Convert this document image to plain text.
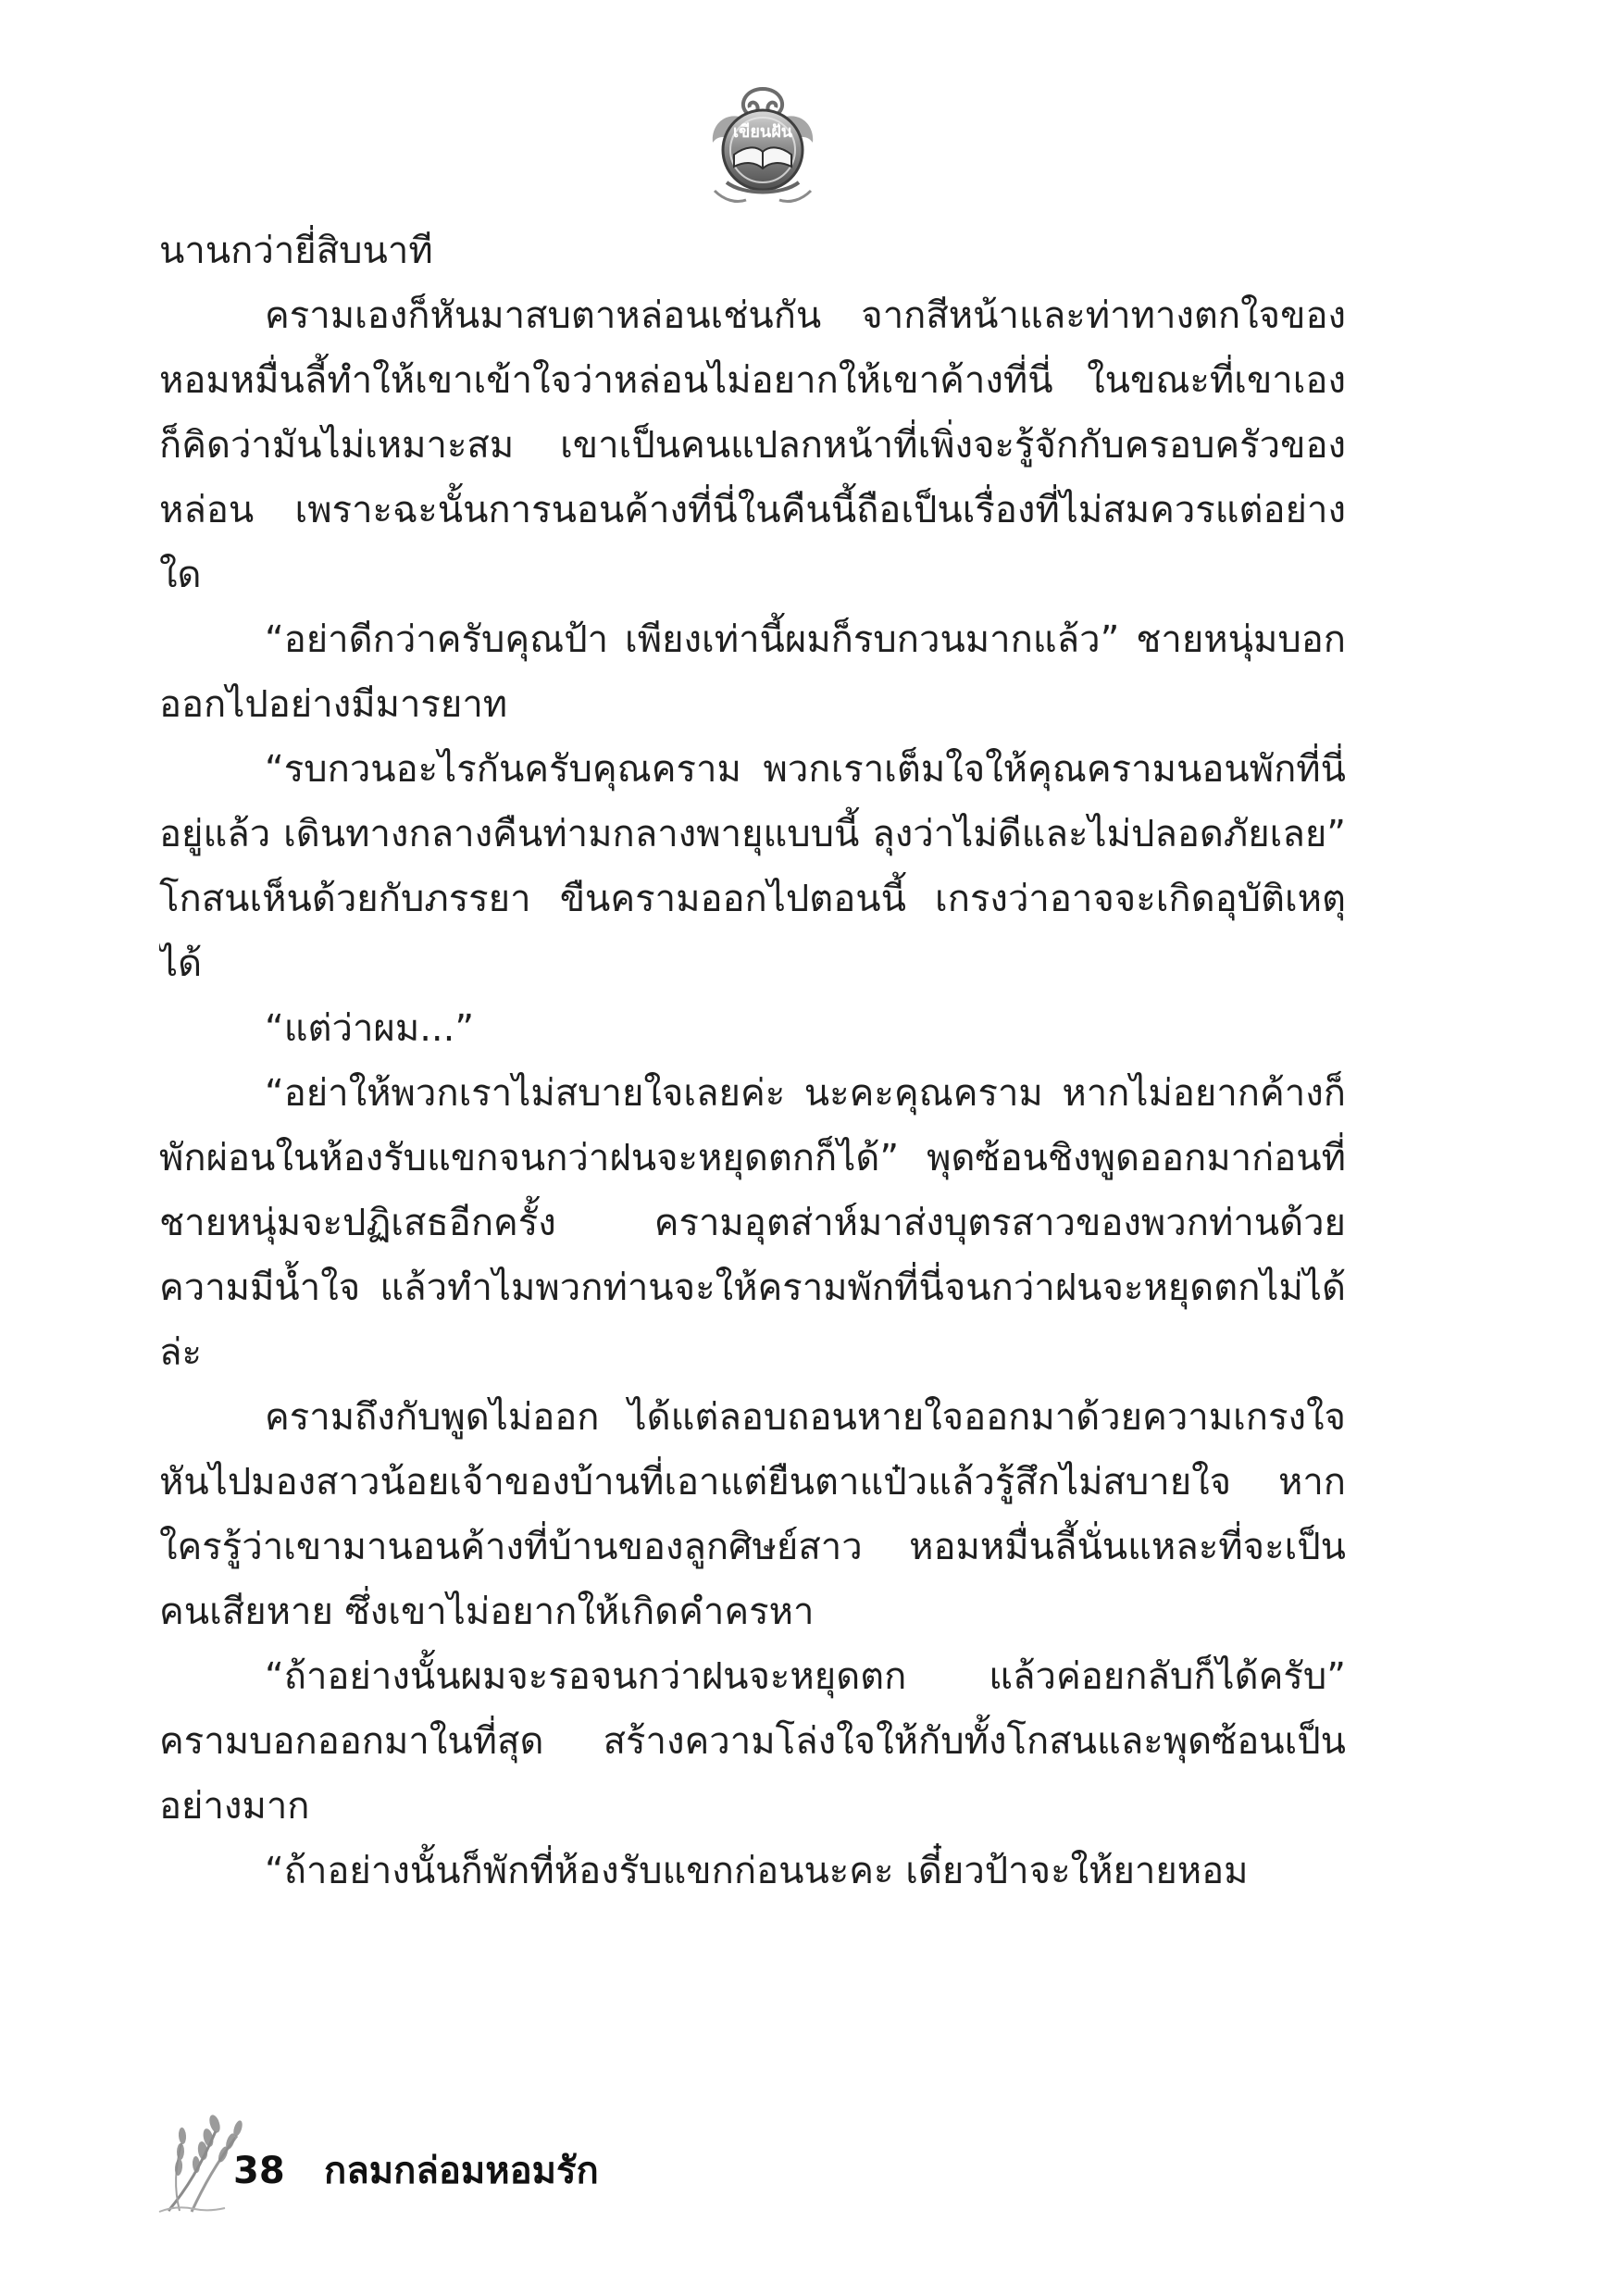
เขียนฝัน

นานกว่ายี่สิบนาที

ครามเองก็หันมาสบตาหล่อนเช่นกัน จากสีหน้าและท่าทางตกใจของหอมหมื่นลี้ทำให้เขาเข้าใจว่าหล่อนไม่อยากให้เขาค้างที่นี่ ในขณะที่เขาเองก็คิดว่ามันไม่เหมาะสม เขาเป็นคนแปลกหน้าที่เพิ่งจะรู้จักกับครอบครัวของหล่อน เพราะฉะนั้นการนอนค้างที่นี่ในคืนนี้ถือเป็นเรื่องที่ไม่สมควรแต่อย่างใด

“อย่าดีกว่าครับคุณป้า เพียงเท่านี้ผมก็รบกวนมากแล้ว” ชายหนุ่มบอกออกไปอย่างมีมารยาท

“รบกวนอะไรกันครับคุณคราม พวกเราเต็มใจให้คุณครามนอนพักที่นี่อยู่แล้ว เดินทางกลางคืนท่ามกลางพายุแบบนี้ ลุงว่าไม่ดีและไม่ปลอดภัยเลย” โกสนเห็นด้วยกับภรรยา ขืนครามออกไปตอนนี้ เกรงว่าอาจจะเกิดอุบัติเหตุได้

“แต่ว่าผม...”

“อย่าให้พวกเราไม่สบายใจเลยค่ะ นะคะคุณคราม หากไม่อยากค้างก็พักผ่อนในห้องรับแขกจนกว่าฝนจะหยุดตกก็ได้” พุดซ้อนชิงพูดออกมาก่อนที่ชายหนุ่มจะปฏิเสธอีกครั้ง ครามอุตส่าห์มาส่งบุตรสาวของพวกท่านด้วยความมีน้ำใจ แล้วทำไมพวกท่านจะให้ครามพักที่นี่จนกว่าฝนจะหยุดตกไม่ได้ล่ะ

ครามถึงกับพูดไม่ออก ได้แต่ลอบถอนหายใจออกมาด้วยความเกรงใจ หันไปมองสาวน้อยเจ้าของบ้านที่เอาแต่ยืนตาแป๋วแล้วรู้สึกไม่สบายใจ หากใครรู้ว่าเขามานอนค้างที่บ้านของลูกศิษย์สาว หอมหมื่นลี้นั่นแหละที่จะเป็นคนเสียหาย ซึ่งเขาไม่อยากให้เกิดคำครหา

“ถ้าอย่างนั้นผมจะรอจนกว่าฝนจะหยุดตก แล้วค่อยกลับก็ได้ครับ” ครามบอกออกมาในที่สุด สร้างความโล่งใจให้กับทั้งโกสนและพุดซ้อนเป็นอย่างมาก

“ถ้าอย่างนั้นก็พักที่ห้องรับแขกก่อนนะคะ เดี๋ยวป้าจะให้ยายหอม

38 กลมกล่อมหอมรัก
